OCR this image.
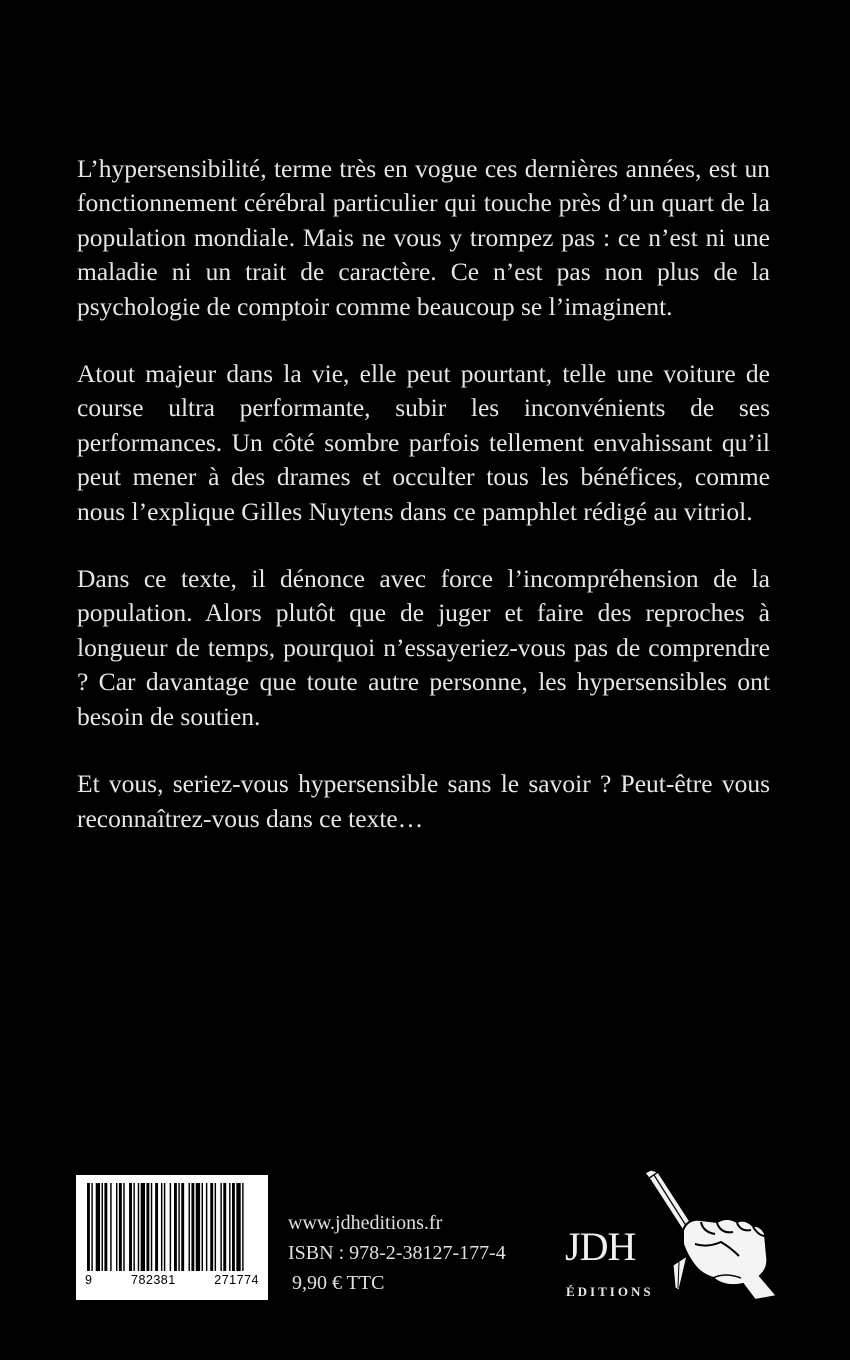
L’hypersensibilité, terme très en vogue ces dernières années, est un fonctionnement cérébral particulier qui touche près d’un quart de la population mondiale. Mais ne vous y trompez pas : ce n’est ni une maladie ni un trait de caractère. Ce n’est pas non plus de la psychologie de comptoir comme beaucoup se l’imaginent.

Atout majeur dans la vie, elle peut pourtant, telle une voiture de course ultra performante, subir les inconvénients de ses performances. Un côté sombre parfois tellement envahissant qu’il peut mener à des drames et occulter tous les bénéfices, comme nous l’explique Gilles Nuytens dans ce pamphlet rédigé au vitriol.

Dans ce texte, il dénonce avec force l’incompréhension de la population. Alors plutôt que de juger et faire des reproches à longueur de temps, pourquoi n’essayeriez-vous pas de comprendre ? Car davantage que toute autre personne, les hypersensibles ont besoin de soutien.

Et vous, seriez-vous hypersensible sans le savoir ? Peut-être vous reconnaîtrez-vous dans ce texte…

9	782381	271774
www.jdheditions.fr
ISBN : 978-2-38127-177-4
9,90 € TTC
JDH
ÉDITIONS
